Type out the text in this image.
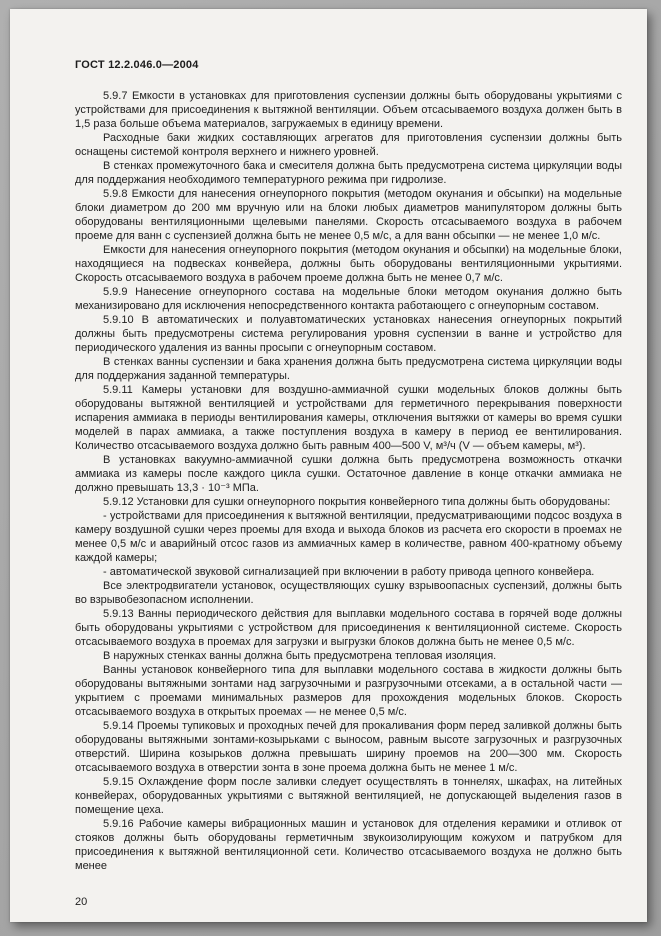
ГОСТ 12.2.046.0—2004

5.9.7 Емкости в установках для приготовления суспензии должны быть оборудованы укрытиями с устройствами для присоединения к вытяжной вентиляции. Объем отсасываемого воздуха должен быть в 1,5 раза больше объема материалов, загружаемых в единицу времени.

Расходные баки жидких составляющих агрегатов для приготовления суспензии должны быть оснащены системой контроля верхнего и нижнего уровней.

В стенках промежуточного бака и смесителя должна быть предусмотрена система циркуляции воды для поддержания необходимого температурного режима при гидролизе.

5.9.8 Емкости для нанесения огнеупорного покрытия (методом окунания и обсыпки) на модельные блоки диаметром до 200 мм вручную или на блоки любых диаметров манипулятором должны быть оборудованы вентиляционными щелевыми панелями. Скорость отсасываемого воздуха в рабочем проеме для ванн с суспензией должна быть не менее 0,5 м/с, а для ванн обсыпки — не менее 1,0 м/с.

Емкости для нанесения огнеупорного покрытия (методом окунания и обсыпки) на модельные блоки, находящиеся на подвесках конвейера, должны быть оборудованы вентиляционными укрытиями. Скорость отсасываемого воздуха в рабочем проеме должна быть не менее 0,7 м/с.

5.9.9 Нанесение огнеупорного состава на модельные блоки методом окунания должно быть механизировано для исключения непосредственного контакта работающего с огнеупорным составом.

5.9.10 В автоматических и полуавтоматических установках нанесения огнеупорных покрытий должны быть предусмотрены система регулирования уровня суспензии в ванне и устройство для периодического удаления из ванны просыпи с огнеупорным составом.

В стенках ванны суспензии и бака хранения должна быть предусмотрена система циркуляции воды для поддержания заданной температуры.

5.9.11 Камеры установки для воздушно-аммиачной сушки модельных блоков должны быть оборудованы вытяжной вентиляцией и устройствами для герметичного перекрывания поверхности испарения аммиака в периоды вентилирования камеры, отключения вытяжки от камеры во время сушки моделей в парах аммиака, а также поступления воздуха в камеру в период ее вентилирования. Количество отсасываемого воздуха должно быть равным 400—500 V, м³/ч (V — объем камеры, м³).

В установках вакуумно-аммиачной сушки должна быть предусмотрена возможность откачки аммиака из камеры после каждого цикла сушки. Остаточное давление в конце откачки аммиака не должно превышать 13,3 · 10⁻³ МПа.

5.9.12 Установки для сушки огнеупорного покрытия конвейерного типа должны быть оборудованы:

- устройствами для присоединения к вытяжной вентиляции, предусматривающими подсос воздуха в камеру воздушной сушки через проемы для входа и выхода блоков из расчета его скорости в проемах не менее 0,5 м/с и аварийный отсос газов из аммиачных камер в количестве, равном 400-кратному объему каждой камеры;

- автоматической звуковой сигнализацией при включении в работу привода цепного конвейера.

Все электродвигатели установок, осуществляющих сушку взрывоопасных суспензий, должны быть во взрывобезопасном исполнении.

5.9.13 Ванны периодического действия для выплавки модельного состава в горячей воде должны быть оборудованы укрытиями с устройством для присоединения к вентиляционной системе. Скорость отсасываемого воздуха в проемах для загрузки и выгрузки блоков должна быть не менее 0,5 м/с.

В наружных стенках ванны должна быть предусмотрена тепловая изоляция.

Ванны установок конвейерного типа для выплавки модельного состава в жидкости должны быть оборудованы вытяжными зонтами над загрузочными и разгрузочными отсеками, а в остальной части — укрытием с проемами минимальных размеров для прохождения модельных блоков. Скорость отсасываемого воздуха в открытых проемах — не менее 0,5 м/с.

5.9.14 Проемы тупиковых и проходных печей для прокаливания форм перед заливкой должны быть оборудованы вытяжными зонтами-козырьками с выносом, равным высоте загрузочных и разгрузочных отверстий. Ширина козырьков должна превышать ширину проемов на 200—300 мм. Скорость отсасываемого воздуха в отверстии зонта в зоне проема должна быть не менее 1 м/с.

5.9.15 Охлаждение форм после заливки следует осуществлять в тоннелях, шкафах, на литейных конвейерах, оборудованных укрытиями с вытяжной вентиляцией, не допускающей выделения газов в помещение цеха.

5.9.16 Рабочие камеры вибрационных машин и установок для отделения керамики и отливок от стояков должны быть оборудованы герметичным звукоизолирующим кожухом и патрубком для присоединения к вытяжной вентиляционной сети. Количество отсасываемого воздуха не должно быть менее

20
